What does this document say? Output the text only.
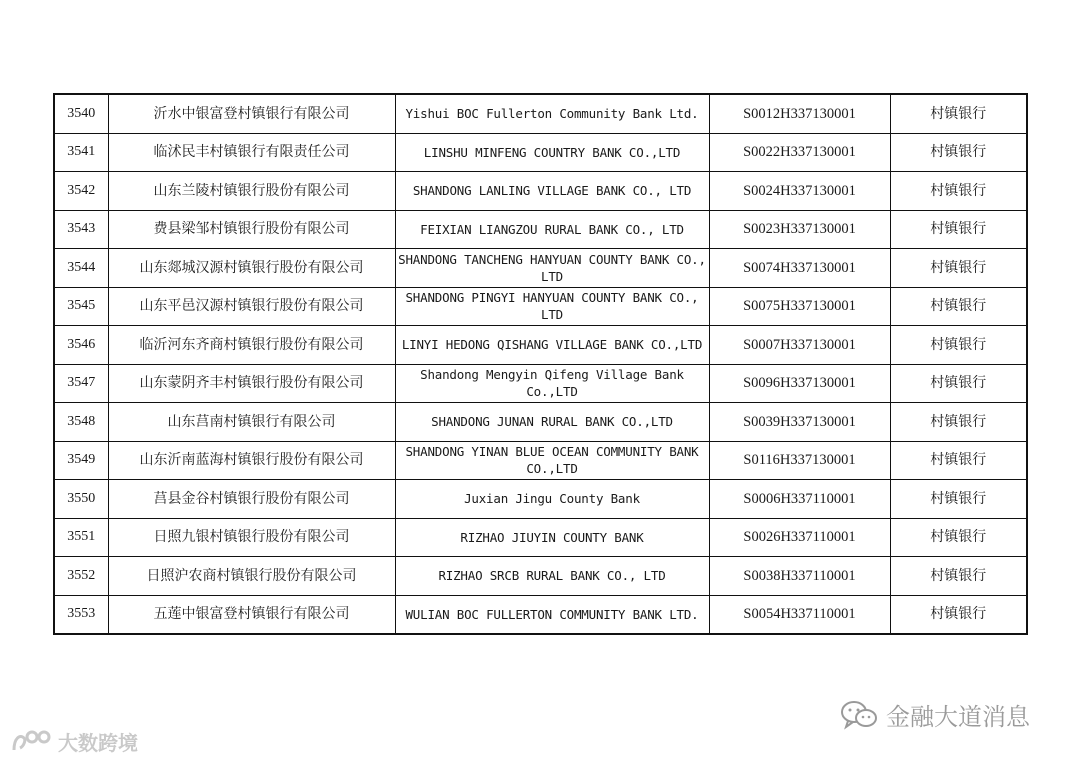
3540	沂水中银富登村镇银行有限公司	Yishui BOC Fullerton Community Bank Ltd.	S0012H337130001	村镇银行
3541	临沭民丰村镇银行有限责任公司	LINSHU MINFENG COUNTRY BANK CO.,LTD	S0022H337130001	村镇银行
3542	山东兰陵村镇银行股份有限公司	SHANDONG LANLING VILLAGE BANK CO., LTD	S0024H337130001	村镇银行
3543	费县梁邹村镇银行股份有限公司	FEIXIAN LIANGZOU RURAL BANK CO., LTD	S0023H337130001	村镇银行
3544	山东郯城汉源村镇银行股份有限公司	SHANDONG TANCHENG HANYUAN COUNTY BANK CO., LTD	S0074H337130001	村镇银行
3545	山东平邑汉源村镇银行股份有限公司	SHANDONG PINGYI HANYUAN COUNTY BANK CO., LTD	S0075H337130001	村镇银行
3546	临沂河东齐商村镇银行股份有限公司	LINYI HEDONG QISHANG VILLAGE BANK CO.,LTD	S0007H337130001	村镇银行
3547	山东蒙阴齐丰村镇银行股份有限公司	Shandong Mengyin Qifeng Village Bank Co.,LTD	S0096H337130001	村镇银行
3548	山东莒南村镇银行有限公司	SHANDONG JUNAN RURAL BANK CO.,LTD	S0039H337130001	村镇银行
3549	山东沂南蓝海村镇银行股份有限公司	SHANDONG YINAN BLUE OCEAN COMMUNITY BANK CO.,LTD	S0116H337130001	村镇银行
3550	莒县金谷村镇银行股份有限公司	Juxian Jingu County Bank	S0006H337110001	村镇银行
3551	日照九银村镇银行股份有限公司	RIZHAO JIUYIN COUNTY BANK	S0026H337110001	村镇银行
3552	日照沪农商村镇银行股份有限公司	RIZHAO SRCB RURAL BANK CO., LTD	S0038H337110001	村镇银行
3553	五莲中银富登村镇银行有限公司	WULIAN BOC FULLERTON COMMUNITY BANK LTD.	S0054H337110001	村镇银行
大数跨境
金融大道消息
